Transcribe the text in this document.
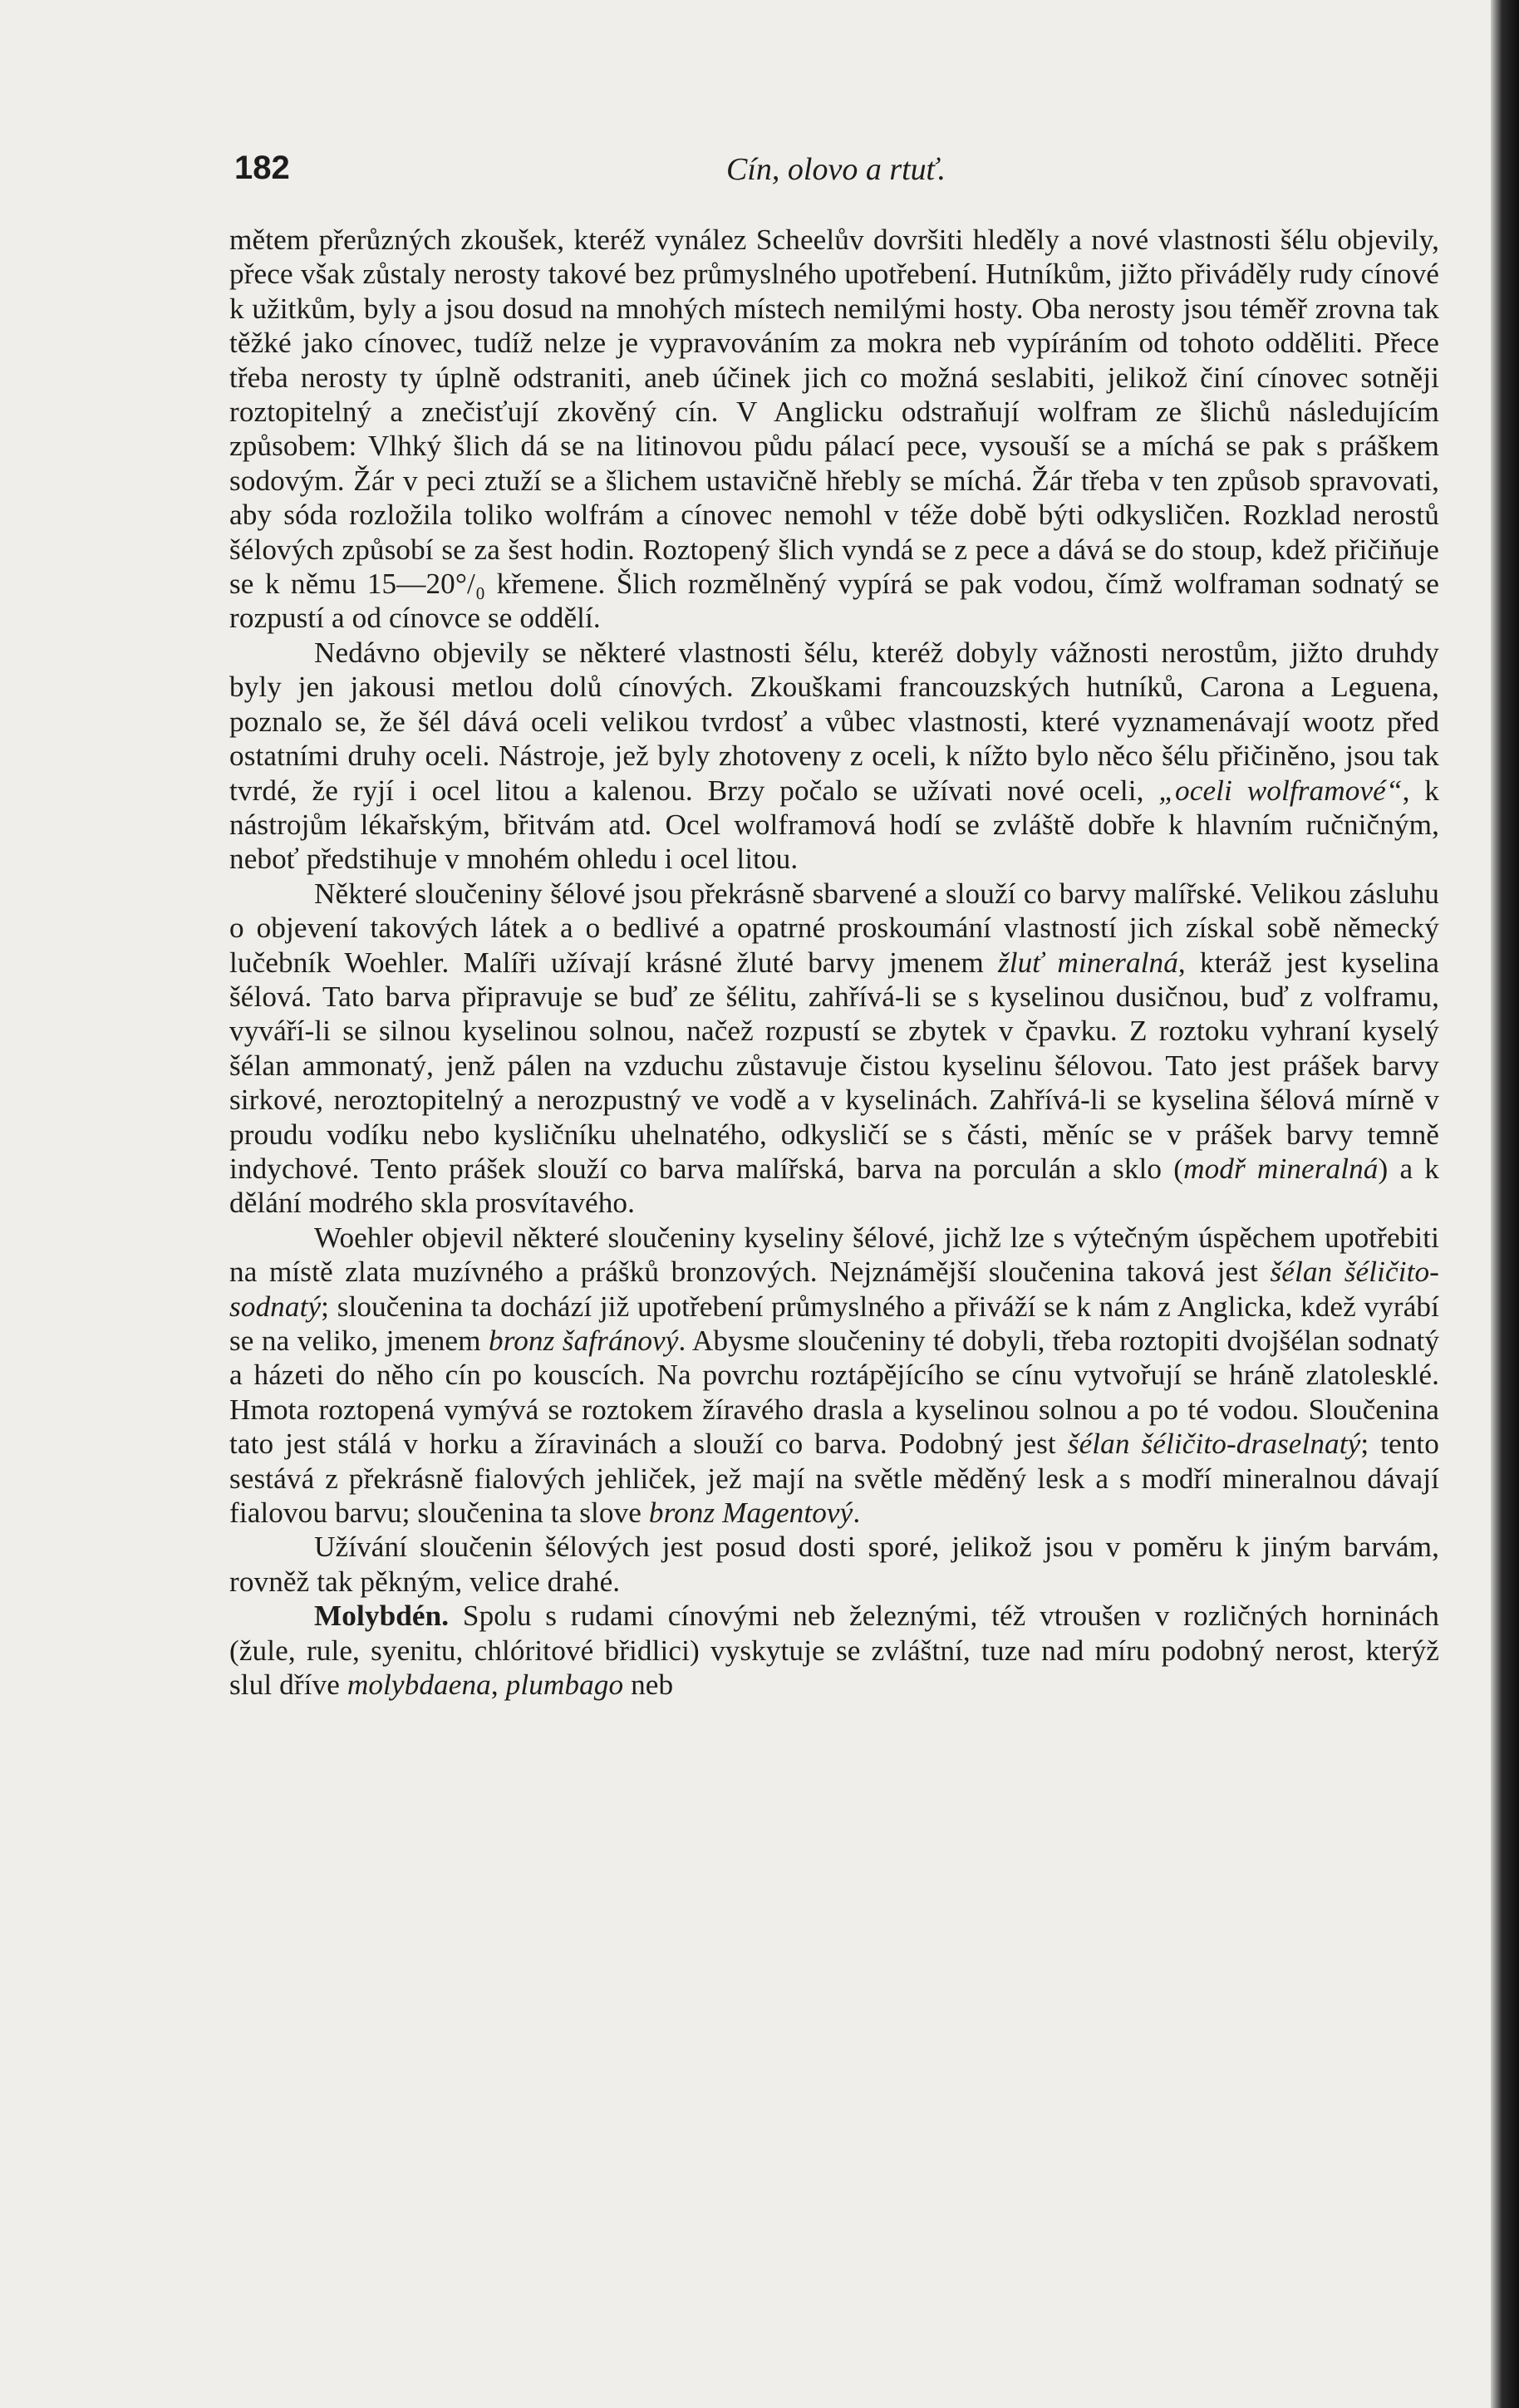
182	Cín, olovo a rtuť.

mětem přerůzných zkoušek, kteréž vynález Scheelův dovršiti hleděly a nové vlastnosti šélu objevily, přece však zůstaly nerosty takové bez průmyslného upotřebení. Hutníkům, jižto přiváděly rudy cínové k užitkům, byly a jsou dosud na mnohých místech nemilými hosty. Oba nerosty jsou téměř zrovna tak těžké jako cínovec, tudíž nelze je vypravováním za mokra neb vypíráním od tohoto odděliti. Přece třeba nerosty ty úplně odstraniti, aneb účinek jich co možná seslabiti, jelikož činí cínovec sotněji roztopitelný a znečisťují zkověný cín. V Anglicku odstraňují wolfram ze šlichů následujícím způsobem: Vlhký šlich dá se na litinovou půdu pálací pece, vysouší se a míchá se pak s práškem sodovým. Žár v peci ztuží se a šlichem ustavičně hřebly se míchá. Žár třeba v ten způsob spravovati, aby sóda rozložila toliko wolfrám a cínovec nemohl v téže době býti odkysličen. Rozklad nerostů šélových způsobí se za šest hodin. Roztopený šlich vyndá se z pece a dává se do stoup, kdež přičiňuje se k němu 15—20°/₀ křemene. Šlich rozmělněný vypírá se pak vodou, čímž wolframan sodnatý se rozpustí a od cínovce se oddělí.

Nedávno objevily se některé vlastnosti šélu, kteréž dobyly vážnosti nerostům, jižto druhdy byly jen jakousi metlou dolů cínových. Zkouškami francouzských hutníků, Carona a Leguena, poznalo se, že šél dává oceli velikou tvrdosť a vůbec vlastnosti, které vyznamenávají wootz před ostatními druhy oceli. Nástroje, jež byly zhotoveny z oceli, k nížto bylo něco šélu přičiněno, jsou tak tvrdé, že ryjí i ocel litou a kalenou. Brzy počalo se užívati nové oceli, „oceli wolframové“, k nástrojům lékařským, břitvám atd. Ocel wolframová hodí se zvláště dobře k hlavním ručničným, neboť předstihuje v mnohém ohledu i ocel litou.

Některé sloučeniny šélové jsou překrásně sbarvené a slouží co barvy malířské. Velikou zásluhu o objevení takových látek a o bedlivé a opatrné proskoumání vlastností jich získal sobě německý lučebník Woehler. Malíři užívají krásné žluté barvy jmenem žluť mineralná, kteráž jest kyselina šélová. Tato barva připravuje se buď ze šélitu, zahřívá-li se s kyselinou dusičnou, buď z volframu, vyváří-li se silnou kyselinou solnou, načež rozpustí se zbytek v čpavku. Z roztoku vyhraní kyselý šélan ammonatý, jenž pálen na vzduchu zůstavuje čistou kyselinu šélovou. Tato jest prášek barvy sirkové, neroztopitelný a nerozpustný ve vodě a v kyselinách. Zahřívá-li se kyselina šélová mírně v proudu vodíku nebo kysličníku uhelnatého, odkysličí se s části, měníc se v prášek barvy temně indychové. Tento prášek slouží co barva malířská, barva na porculán a sklo (modř mineralná) a k dělání modrého skla prosvítavého.

Woehler objevil některé sloučeniny kyseliny šélové, jichž lze s výtečným úspěchem upotřebiti na místě zlata muzívného a prášků bronzových. Nejznámější sloučenina taková jest šélan šéličito-sodnatý; sloučenina ta dochází již upotřebení průmyslného a přiváží se k nám z Anglicka, kdež vyrábí se na veliko, jmenem bronz šafránový. Abysme sloučeniny té dobyli, třeba roztopiti dvojšélan sodnatý a házeti do něho cín po kouscích. Na povrchu roztápějícího se cínu vytvořují se hráně zlatolesklé. Hmota roztopená vymývá se roztokem žíravého draslа a kyselinou solnou a po té vodou. Sloučenina tato jest stálá v horku a žíravinách a slouží co barva. Podobný jest šélan šéličito-draselnatý; tento sestává z překrásně fialových jehliček, jež mají na světle měděný lesk a s modří mineralnou dávají fialovou barvu; sloučenina ta slove bronz Magentový.

Užívání sloučenin šélových jest posud dosti sporé, jelikož jsou v poměru k jiným barvám, rovněž tak pěkným, velice drahé.

Molybdén. Spolu s rudami cínovými neb železnými, též vtroušen v rozličných horninách (žule, rule, syenitu, chlóritové břidlici) vyskytuje se zvláštní, tuze nad míru podobný nerost, kterýž slul dříve molybdaena, plumbago neb
